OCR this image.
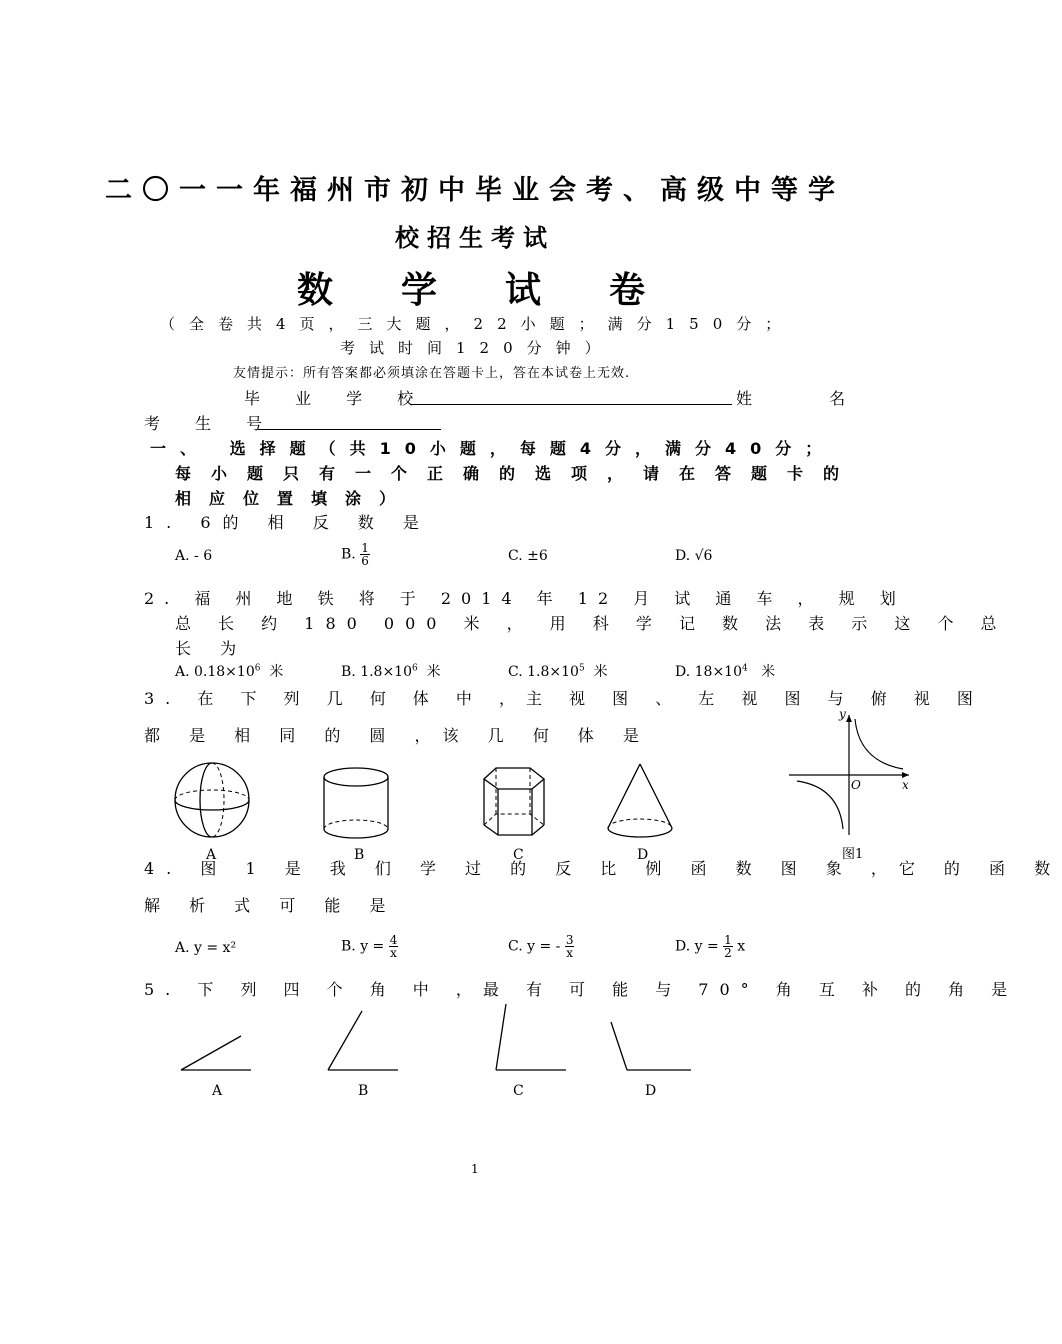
二〇一一年福州市初中毕业会考、高级中等学
校招生考试
数学试卷
（全卷共4页，三大题，22小题；满分150分；
考试时间120分钟）
友情提示：所有答案都必须填涂在答题卡上，答在本试卷上无效.
毕 业 学 校	姓 名
考 生 号
一、 选择题（共10小题，每题4分，满分40分；
每小题只有一个正确的选项，请在答题卡的
相应位置填涂）
1. 6的 相 反 数 是
A. - 6	B. $\frac{1}{6}$	C. ±6	D. √6
2. 福 州 地 铁 将 于 2014 年 12 月 试 通 车 ， 规 划
总 长 约 180 000 米 ， 用 科 学 记 数 法 表 示 这 个 总
长 为
A. $0.18\times 10^6$ 米	B. $1.8\times 10^6$ 米	C. $1.8\times 10^5$ 米	D. $18\times 10^4$ 米
3. 在 下 列 几 何 体 中 ，主 视 图 、 左 视 图 与 俯 视 图
都 是 相 同 的 圆 ，该 几 何 体 是
A	B	C	D
y
x
O
图1
4. 图 1 是 我 们 学 过 的 反 比 例 函 数 图 象 ，它 的 函 数
解 析 式 可 能 是
A. y = x²	B. $y = \frac{4}{x}$	C. y = - $\frac{3}{x}$	D. $y = \frac{1}{2}$ x
5. 下 列 四 个 角 中 ，最 有 可 能 与 70° 角 互 补 的 角 是
A	B	C	D
1
